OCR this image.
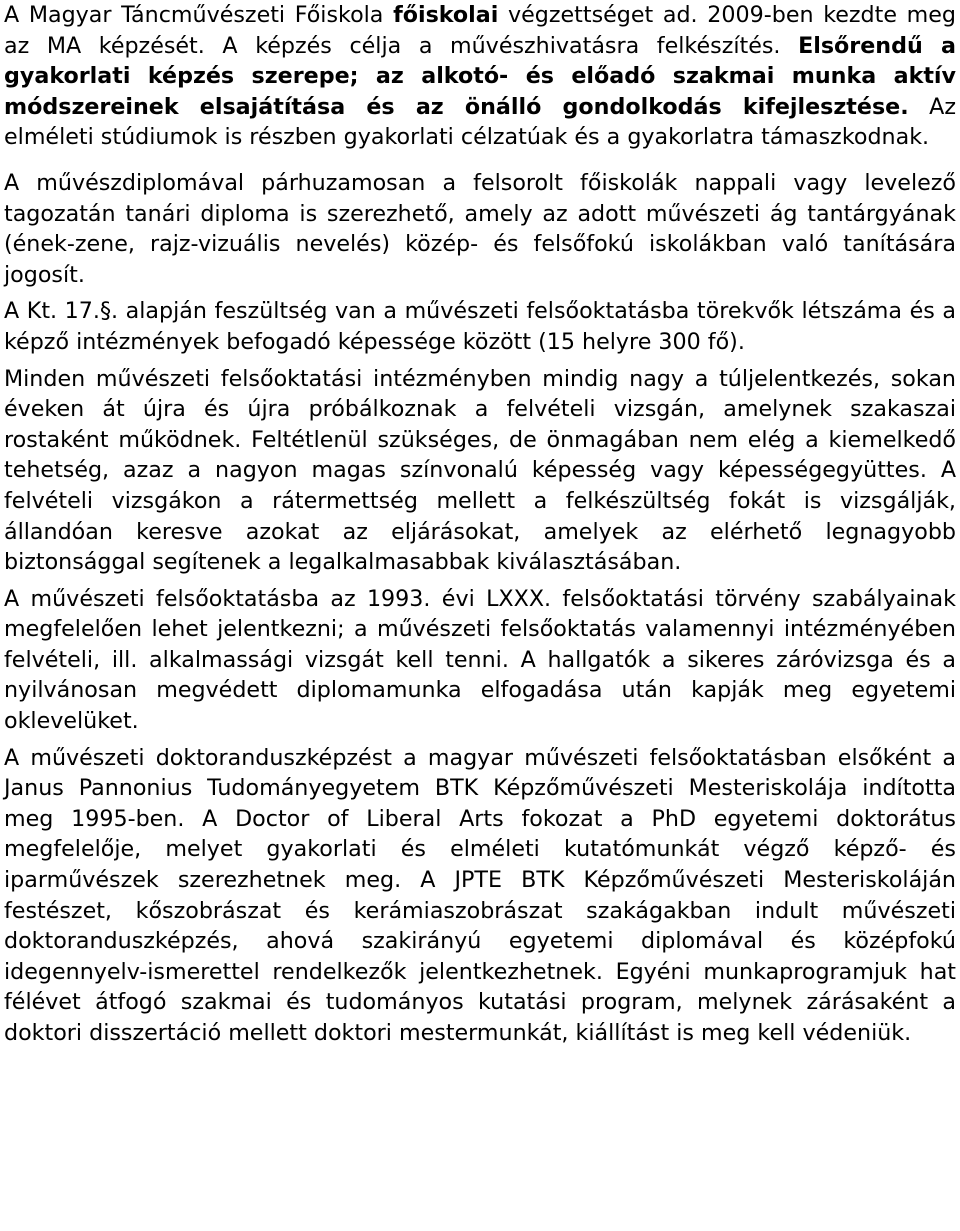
A Magyar Táncművészeti Főiskola főiskolai végzettséget ad. 2009-ben kezdte meg az MA képzését. A képzés célja a művészhivatásra felkészítés. Elsőrendű a gyakorlati képzés szerepe; az alkotó- és előadó szakmai munka aktív módszereinek elsajátítása és az önálló gondolkodás kifejlesztése. Az elméleti stúdiumok is részben gyakorlati célzatúak és a gyakorlatra támaszkodnak.

A művészdiplomával párhuzamosan a felsorolt főiskolák nappali vagy levelező tagozatán tanári diploma is szerezhető, amely az adott művészeti ág tantárgyának (ének-zene, rajz-vizuális nevelés) közép- és felsőfokú iskolákban való tanítására jogosít.

A Kt. 17.§. alapján feszültség van a művészeti felsőoktatásba törekvők létszáma és a képző intézmények befogadó képessége között (15 helyre 300 fő).

Minden művészeti felsőoktatási intézményben mindig nagy a túljelentkezés, sokan éveken át újra és újra próbálkoznak a felvételi vizsgán, amelynek szakaszai rostaként működnek. Feltétlenül szükséges, de önmagában nem elég a kiemelkedő tehetség, azaz a nagyon magas színvonalú képesség vagy képességegyüttes. A felvételi vizsgákon a rátermettség mellett a felkészültség fokát is vizsgálják, állandóan keresve azokat az eljárásokat, amelyek az elérhető legnagyobb biztonsággal segítenek a legalkalmasabbak kiválasztásában.

A művészeti felsőoktatásba az 1993. évi LXXX. felsőoktatási törvény szabályainak megfelelően lehet jelentkezni; a művészeti felsőoktatás valamennyi intézményében felvételi, ill. alkalmassági vizsgát kell tenni. A hallgatók a sikeres záróvizsga és a nyilvánosan megvédett diplomamunka elfogadása után kapják meg egyetemi oklevelüket.

A művészeti doktoranduszképzést a magyar művészeti felsőoktatásban elsőként a Janus Pannonius Tudományegyetem BTK Képzőművészeti Mesteriskolája indította meg 1995-ben. A Doctor of Liberal Arts fokozat a PhD egyetemi doktorátus megfelelője, melyet gyakorlati és elméleti kutatómunkát végző képző- és iparművészek szerezhetnek meg. A JPTE BTK Képzőművészeti Mesteriskoláján festészet, kőszobrászat és kerámiaszobrászat szakágakban indult művészeti doktoranduszképzés, ahová szakirányú egyetemi diplomával és középfokú idegennyelv-ismerettel rendelkezők jelentkezhetnek. Egyéni munkaprogramjuk hat félévet átfogó szakmai és tudományos kutatási program, melynek zárásaként a doktori disszertáció mellett doktori mestermunkát, kiállítást is meg kell védeniük.
